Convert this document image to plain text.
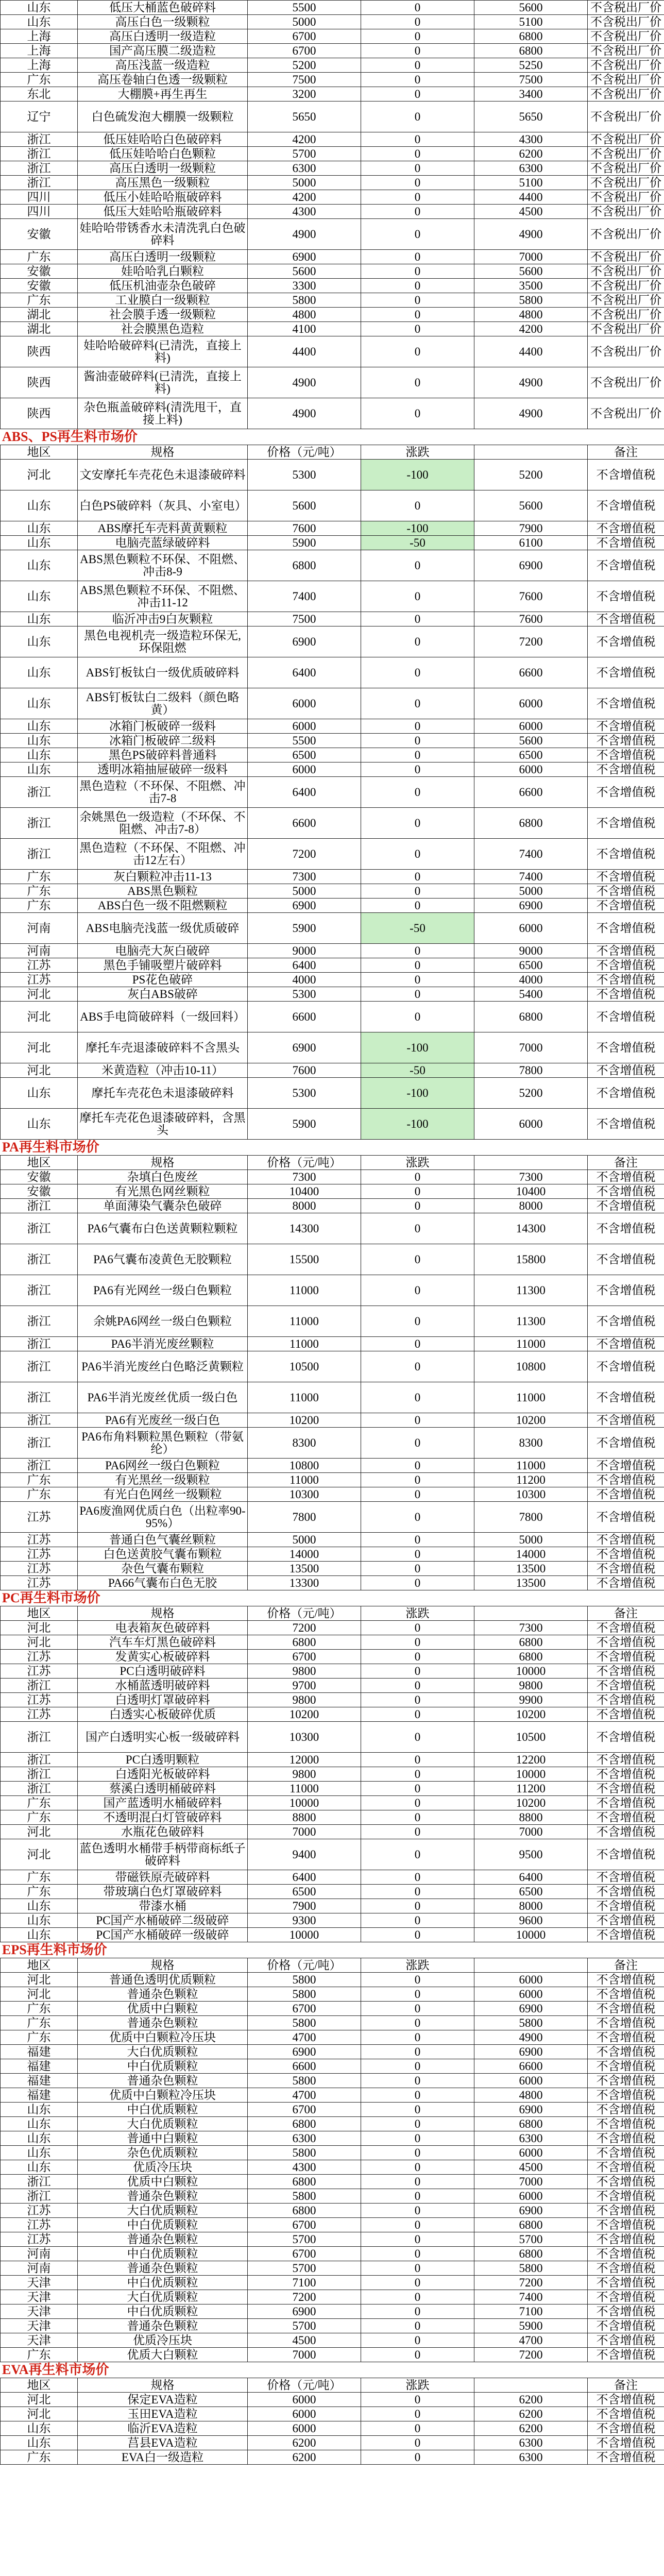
山东	低压大桶蓝色破碎料	5500	0	5600	不含税出厂价
山东	高压白色一级颗粒	5000	0	5100	不含税出厂价
上海	高压白透明一级造粒	6700	0	6800	不含税出厂价
上海	国产高压膜二级造粒	6700	0	6800	不含税出厂价
上海	高压浅蓝一级造粒	5200	0	5250	不含税出厂价
广东	高压卷轴白色透一级颗粒	7500	0	7500	不含税出厂价
东北	大棚膜+再生再生	3200	0	3400	不含税出厂价
辽宁	白色硫发泡大棚膜一级颗粒	5650	0	5650	不含税出厂价
浙江	低压娃哈哈白色破碎料	4200	0	4300	不含税出厂价
浙江	低压娃哈哈白色颗粒	5700	0	6200	不含税出厂价
浙江	高压白透明一级颗粒	6300	0	6300	不含税出厂价
浙江	高压黑色一级颗粒	5000	0	5100	不含税出厂价
四川	低压小娃哈哈瓶破碎料	4200	0	4400	不含税出厂价
四川	低压大娃哈哈瓶破碎料	4300	0	4500	不含税出厂价
安徽	娃哈哈带锈香水未清洗乳白色破碎料	4900	0	4900	不含税出厂价
广东	高压白透明一级颗粒	6900	0	7000	不含税出厂价
安徽	娃哈哈乳白颗粒	5600	0	5600	不含税出厂价
安徽	低压机油壶杂色破碎	3300	0	3500	不含税出厂价
广东	工业膜白一级颗粒	5800	0	5800	不含税出厂价
湖北	社会膜手透一级颗粒	4800	0	4800	不含税出厂价
湖北	社会膜黑色造粒	4100	0	4200	不含税出厂价
陕西	娃哈哈破碎料(已清洗，直接上料)	4400	0	4400	不含税出厂价
陕西	酱油壶破碎料(已清洗，直接上料)	4900	0	4900	不含税出厂价
陕西	杂色瓶盖破碎料(清洗甩干，直接上料)	4900	0	4900	不含税出厂价
ABS、PS再生料市场价
地区	规格	价格（元/吨）	涨跌		备注
河北	文安摩托车壳花色未退漆破碎料	5300	-100	5200	不含增值税
山东	白色PS破碎料（灰具、小室电）	5600	0	5600	不含增值税
山东	ABS摩托车壳料黄黄颗粒	7600	-100	7900	不含增值税
山东	电脑壳蓝绿破碎料	5900	-50	6100	不含增值税
山东	ABS黑色颗粒不环保、不阻燃、冲击8-9	6800	0	6900	不含增值税
山东	ABS黑色颗粒不环保、不阻燃、冲击11-12	7400	0	7600	不含增值税
山东	临沂冲击9白灰颗粒	7500	0	7600	不含增值税
山东	黑色电视机壳一级造粒环保无,环保阻燃	6900	0	7200	不含增值税
山东	ABS钉板钛白一级优质破碎料	6400	0	6600	不含增值税
山东	ABS钉板钛白二级料（颜色略黄）	6000	0	6000	不含增值税
山东	冰箱门板破碎一级料	6000	0	6000	不含增值税
山东	冰箱门板破碎二级料	5500	0	5600	不含增值税
山东	黑色PS破碎料普通料	6500	0	6500	不含增值税
山东	透明冰箱抽屉破碎一级料	6000	0	6000	不含增值税
浙江	黑色造粒（不环保、不阻燃、冲击7-8	6400	0	6600	不含增值税
浙江	余姚黑色一级造粒（不环保、不阻燃、冲击7-8）	6600	0	6800	不含增值税
浙江	黑色造粒（不环保、不阻燃、冲击12左右）	7200	0	7400	不含增值税
广东	灰白颗粒冲击11-13	7300	0	7400	不含增值税
广东	ABS黑色颗粒	5000	0	5000	不含增值税
广东	ABS白色一级不阻燃颗粒	6900	0	6900	不含增值税
河南	ABS电脑壳浅蓝一级优质破碎	5900	-50	6000	不含增值税
河南	电脑壳大灰白破碎	9000	0	9000	不含增值税
江苏	黑色手铺吸塑片破碎料	6400	0	6500	不含增值税
江苏	PS花色破碎	4000	0	4000	不含增值税
河北	灰白ABS破碎	5300	0	5400	不含增值税
河北	ABS手电筒破碎料（一级回料）	6600	0	6800	不含增值税
河北	摩托车壳退漆破碎料不含黑头	6900	-100	7000	不含增值税
河北	米黄造粒（冲击10-11）	7600	-50	7800	不含增值税
山东	摩托车壳花色未退漆破碎料	5300	-100	5200	不含增值税
山东	摩托车壳花色退漆破碎料，含黑头	5900	-100	6000	不含增值税
PA再生料市场价
地区	规格	价格（元/吨）	涨跌		备注
安徽	杂填白色废丝	7300	0	7300	不含增值税
安徽	有光黑色网丝颗粒	10400	0	10400	不含增值税
浙江	单面薄染气囊杂色破碎	8000	0	8000	不含增值税
浙江	PA6气囊布白色送黄颗粒颗粒	14300	0	14300	不含增值税
浙江	PA6气囊布凌黄色无胶颗粒	15500	0	15800	不含增值税
浙江	PA6有光网丝一级白色颗粒	11000	0	11300	不含增值税
浙江	余姚PA6网丝一级白色颗粒	11000	0	11300	不含增值税
浙江	PA6半消光废丝颗粒	11000	0	11000	不含增值税
浙江	PA6半消光废丝白色略泛黄颗粒	10500	0	10800	不含增值税
浙江	PA6半消光废丝优质一级白色	11000	0	11000	不含增值税
浙江	PA6有光废丝一级白色	10200	0	10200	不含增值税
浙江	PA6布角料颗粒黑色颗粒（带氨纶）	8300	0	8300	不含增值税
浙江	PA6网丝一级白色颗粒	10800	0	11000	不含增值税
广东	有光黑丝一级颗粒	11000	0	11200	不含增值税
广东	有光白色网丝一级颗粒	10300	0	10300	不含增值税
江苏	PA6废渔网优质白色（出粒率90-95%）	7800	0	7800	不含增值税
江苏	普通白色气囊丝颗粒	5000	0	5000	不含增值税
江苏	白色送黄胶气囊布颗粒	14000	0	14000	不含增值税
江苏	杂色气囊布颗粒	13500	0	13500	不含增值税
江苏	PA66气囊布白色无胶	13300	0	13500	不含增值税
PC再生料市场价
地区	规格	价格（元/吨）	涨跌		备注
河北	电表箱灰色破碎料	7200	0	7300	不含增值税
河北	汽车车灯黑色破碎料	6800	0	6800	不含增值税
江苏	发黄实心板破碎料	6700	0	6800	不含增值税
江苏	PC白透明破碎料	9800	0	10000	不含增值税
浙江	水桶蓝透明破碎料	9700	0	9800	不含增值税
江苏	白透明灯罩破碎料	9800	0	9900	不含增值税
江苏	白透实心板破碎优质	10200	0	10200	不含增值税
浙江	国产白透明实心板一级破碎料	10300	0	10500	不含增值税
浙江	PC白透明颗粒	12000	0	12200	不含增值税
浙江	白透阳光板破碎料	9800	0	10000	不含增值税
浙江	蔡溪白透明桶破碎料	11000	0	11200	不含增值税
广东	国产蓝透明水桶破碎料	10000	0	10200	不含增值税
广东	不透明混白灯管破碎料	8800	0	8800	不含增值税
河北	水瓶花色破碎料	7000	0	7000	不含增值税
河北	蓝色透明水桶带手柄带商标纸子破碎料	9400	0	9500	不含增值税
广东	带磁铁原壳破碎料	6400	0	6400	不含增值税
广东	带玻璃白色灯罩破碎料	6500	0	6500	不含增值税
山东	带漆水桶	7900	0	8000	不含增值税
山东	PC国产水桶破碎二级破碎	9300	0	9600	不含增值税
山东	PC国产水桶破碎一级破碎	10000	0	10000	不含增值税
EPS再生料市场价
地区	规格	价格（元/吨）	涨跌		备注
河北	普通色透明优质颗粒	5800	0	6000	不含增值税
河北	普通杂色颗粒	5800	0	6000	不含增值税
广东	优质中白颗粒	6700	0	6900	不含增值税
广东	普通杂色颗粒	5800	0	5800	不含增值税
广东	优质中白颗粒冷压块	4700	0	4900	不含增值税
福建	大白优质颗粒	6900	0	6900	不含增值税
福建	中白优质颗粒	6600	0	6600	不含增值税
福建	普通杂色颗粒	5800	0	6000	不含增值税
福建	优质中白颗粒冷压块	4700	0	4800	不含增值税
山东	中白优质颗粒	6700	0	6900	不含增值税
山东	大白优质颗粒	6800	0	6800	不含增值税
山东	普通中白颗粒	6300	0	6300	不含增值税
山东	杂色优质颗粒	5800	0	6000	不含增值税
山东	优质冷压块	4300	0	4500	不含增值税
浙江	优质中白颗粒	6800	0	7000	不含增值税
浙江	普通杂色颗粒	5800	0	6000	不含增值税
江苏	大白优质颗粒	6800	0	6900	不含增值税
江苏	中白优质颗粒	6700	0	6800	不含增值税
江苏	普通杂色颗粒	5700	0	5700	不含增值税
河南	中白优质颗粒	6700	0	6800	不含增值税
河南	普通杂色颗粒	5700	0	5800	不含增值税
天津	中白优质颗粒	7100	0	7200	不含增值税
天津	大白优质颗粒	7200	0	7400	不含增值税
天津	中白优质颗粒	6900	0	7100	不含增值税
天津	普通杂色颗粒	5700	0	5900	不含增值税
天津	优质冷压块	4500	0	4700	不含增值税
广东	优质大白颗粒	7000	0	7200	不含增值税
EVA再生料市场价
地区	规格	价格（元/吨）	涨跌		备注
河北	保定EVA造粒	6000	0	6200	不含增值税
河北	玉田EVA造粒	6000	0	6200	不含增值税
山东	临沂EVA造粒	6000	0	6200	不含增值税
山东	莒县EVA造粒	6200	0	6300	不含增值税
广东	EVA白一级造粒	6200	0	6300	不含增值税
